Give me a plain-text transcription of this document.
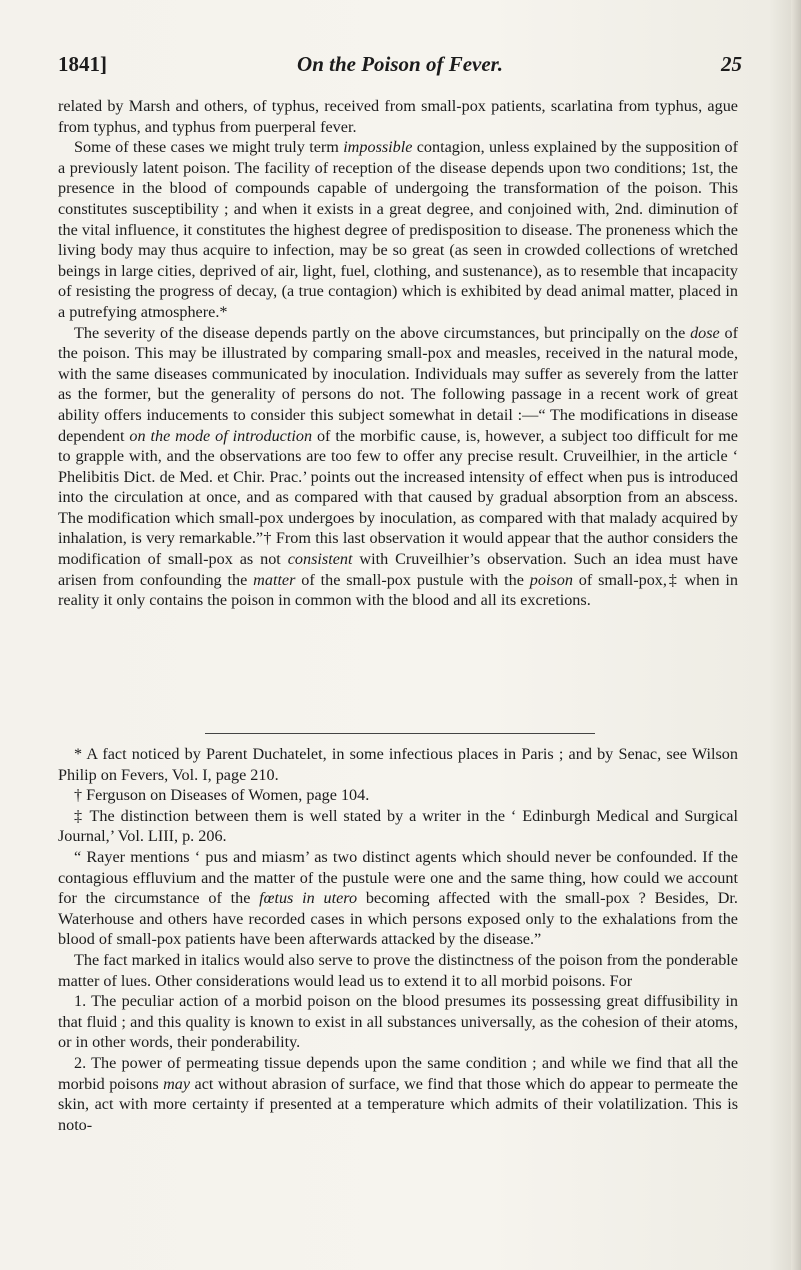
1841]	On the Poison of Fever.	25

related by Marsh and others, of typhus, received from small-pox patients, scarlatina from typhus, ague from typhus, and typhus from puerperal fever.

Some of these cases we might truly term impossible contagion, unless explained by the supposition of a previously latent poison. The facility of reception of the disease depends upon two conditions; 1st, the presence in the blood of compounds capable of undergoing the transformation of the poison. This constitutes susceptibility ; and when it exists in a great degree, and conjoined with, 2nd. diminution of the vital influence, it constitutes the highest degree of predisposition to disease. The proneness which the living body may thus acquire to infection, may be so great (as seen in crowded collections of wretched beings in large cities, deprived of air, light, fuel, clothing, and sustenance), as to resemble that incapacity of resisting the progress of decay, (a true contagion) which is exhibited by dead animal matter, placed in a putrefying atmosphere.*

The severity of the disease depends partly on the above circumstances, but principally on the dose of the poison. This may be illustrated by comparing small-pox and measles, received in the natural mode, with the same diseases communicated by inoculation. Individuals may suffer as severely from the latter as the former, but the generality of persons do not. The following passage in a recent work of great ability offers inducements to consider this subject somewhat in detail :—“ The modifications in disease dependent on the mode of introduction of the morbific cause, is, however, a subject too difficult for me to grapple with, and the observations are too few to offer any precise result. Cruveilhier, in the article ‘ Phelibitis Dict. de Med. et Chir. Prac.’ points out the increased intensity of effect when pus is introduced into the circulation at once, and as compared with that caused by gradual absorption from an abscess. The modification which small-pox undergoes by inoculation, as compared with that malady acquired by inhalation, is very remarkable.”† From this last observation it would appear that the author considers the modification of small-pox as not consistent with Cruveilhier’s observation. Such an idea must have arisen from confounding the matter of the small-pox pustule with the poison of small-pox,‡ when in reality it only contains the poison in common with the blood and all its excretions.

* A fact noticed by Parent Duchatelet, in some infectious places in Paris ; and by Senac, see Wilson Philip on Fevers, Vol. I, page 210.

† Ferguson on Diseases of Women, page 104.

‡ The distinction between them is well stated by a writer in the ‘ Edinburgh Medical and Surgical Journal,’ Vol. LIII, p. 206.

“ Rayer mentions ‘ pus and miasm’ as two distinct agents which should never be confounded. If the contagious effluvium and the matter of the pustule were one and the same thing, how could we account for the circumstance of the fœtus in utero becoming affected with the small-pox ? Besides, Dr. Waterhouse and others have recorded cases in which persons exposed only to the exhalations from the blood of small-pox patients have been afterwards attacked by the disease.”

The fact marked in italics would also serve to prove the distinctness of the poison from the ponderable matter of lues. Other considerations would lead us to extend it to all morbid poisons. For

1. The peculiar action of a morbid poison on the blood presumes its possessing great diffusibility in that fluid ; and this quality is known to exist in all substances universally, as the cohesion of their atoms, or in other words, their ponderability.

2. The power of permeating tissue depends upon the same condition ; and while we find that all the morbid poisons may act without abrasion of surface, we find that those which do appear to permeate the skin, act with more certainty if presented at a temperature which admits of their volatilization. This is noto-
